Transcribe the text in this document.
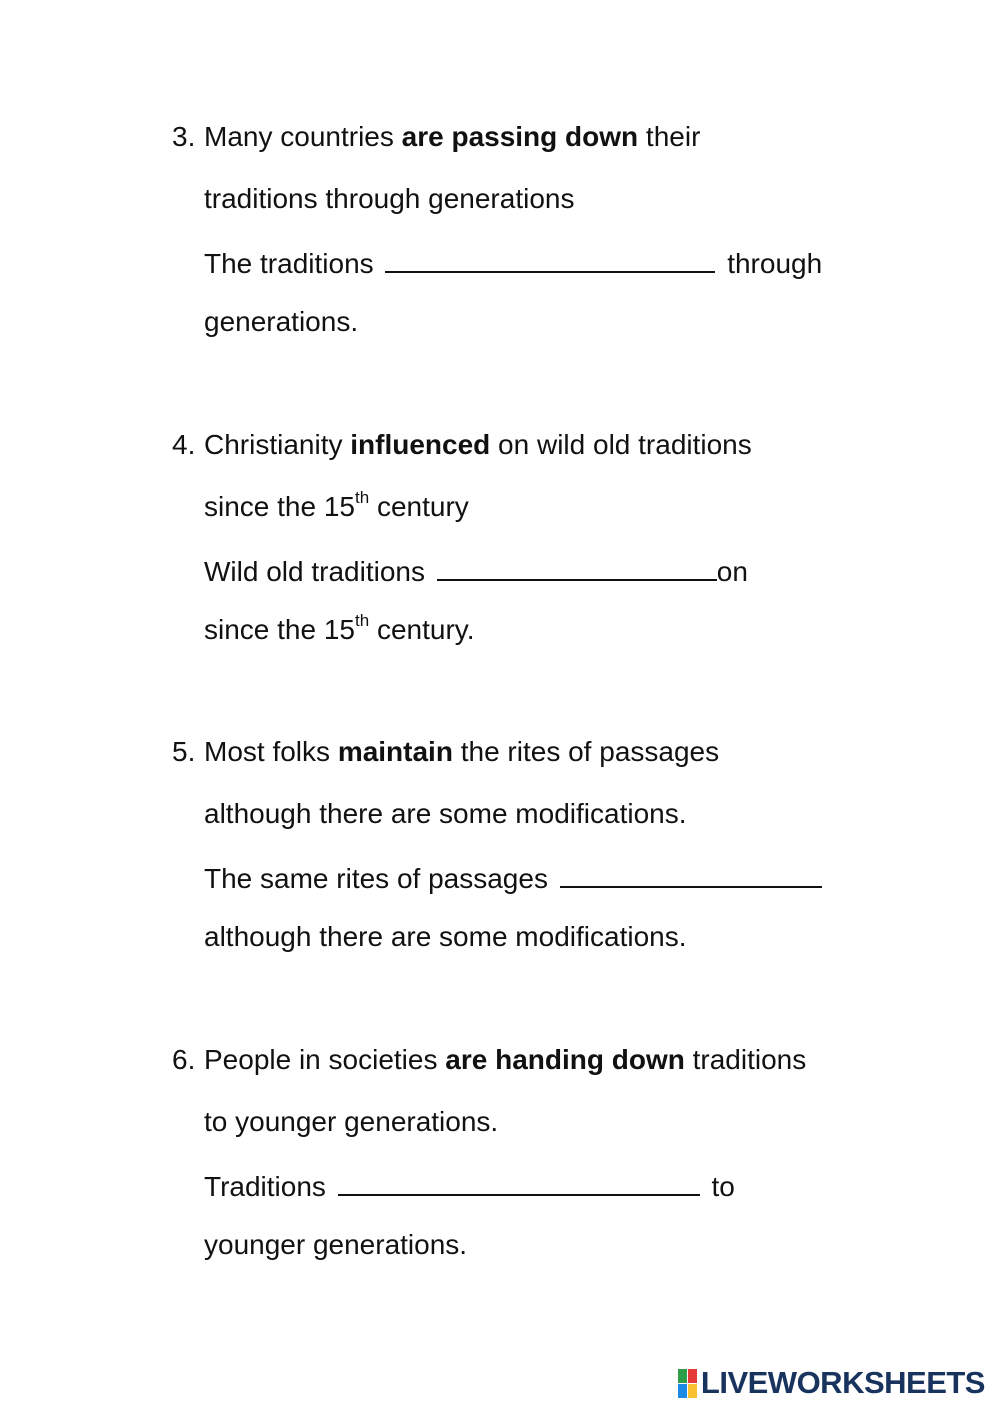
3. Many countries are passing down their
traditions through generations
The traditions	through
generations.
4. Christianity influenced on wild old traditions
since the 15th century
Wild old traditions	on
since the 15th century.
5. Most folks maintain the rites of passages
although there are some modifications.
The same rites of passages
although there are some modifications.
6. People in societies are handing down traditions
to younger generations.
Traditions	to
younger generations.
LIVEWORKSHEETS
